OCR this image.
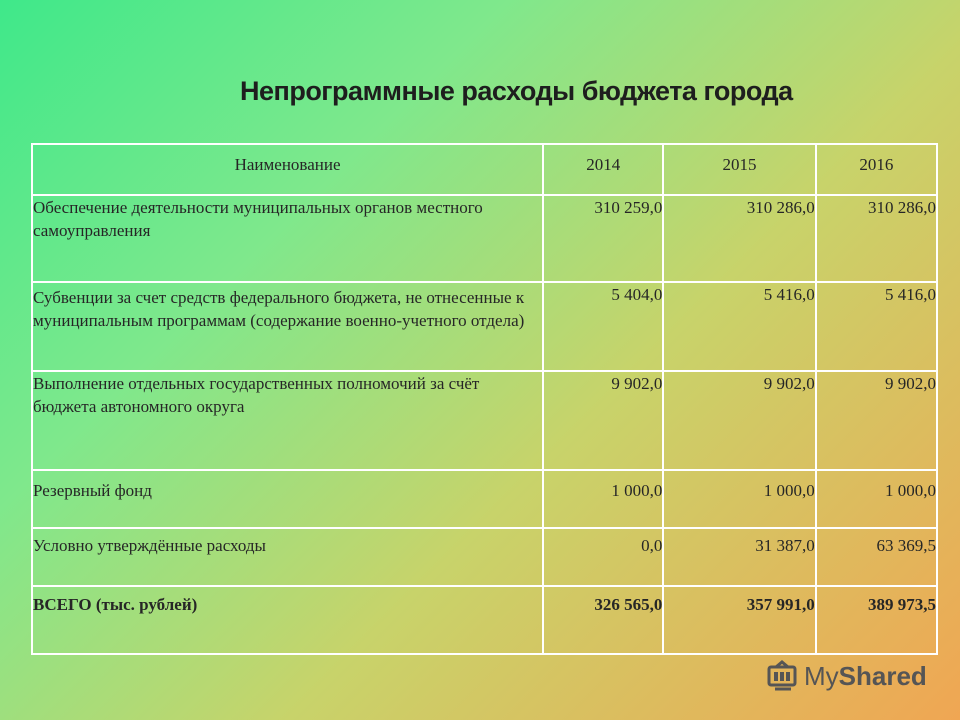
Непрограммные расходы бюджета города
Наименование	2014	2015	2016
Обеспечение деятельности муниципальных органов местного самоуправления	310 259,0	310 286,0	310 286,0
Субвенции за счет средств федерального бюджета, не отнесенные к муниципальным программам (содержание военно-учетного отдела)	5 404,0	5 416,0	5 416,0
Выполнение отдельных государственных полномочий за счёт бюджета автономного округа	9 902,0	9 902,0	9 902,0
Резервный фонд	1 000,0	1 000,0	1 000,0
Условно утверждённые расходы	0,0	31 387,0	63 369,5
ВСЕГО (тыс. рублей)	326 565,0	357 991,0	389 973,5
My Shared
